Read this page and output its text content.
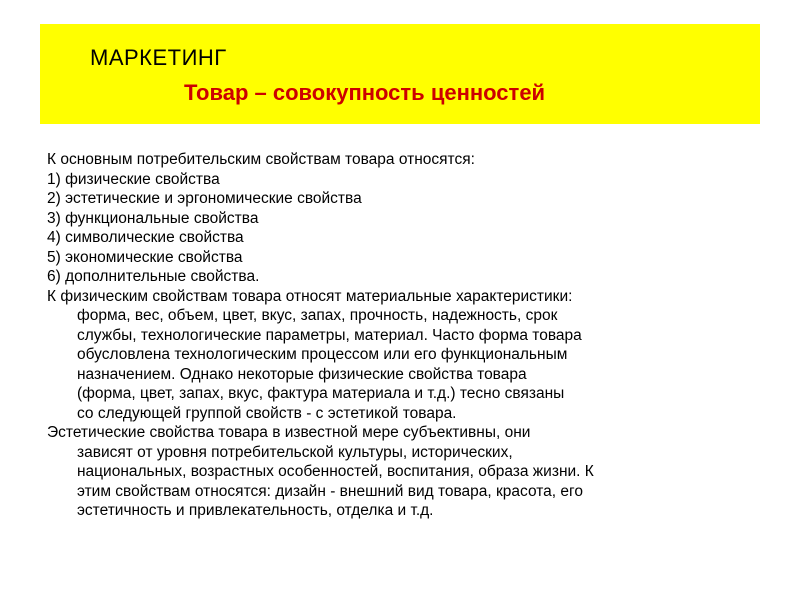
МАРКЕТИНГ
Товар – совокупность ценностей
К основным потребительским свойствам товара относятся:
1) физические свойства
2) эстетические и эргономические свойства
3) функциональные свойства
4) символические свойства
5) экономические свойства
6) дополнительные свойства.
К физическим свойствам товара относят материальные характеристики:
форма, вес, объем, цвет, вкус, запах, прочность, надежность, срок
службы, технологические параметры, материал. Часто форма товара
обусловлена технологическим процессом или его функциональным
назначением. Однако некоторые физические свойства товара
(форма, цвет, запах, вкус, фактура материала и т.д.) тесно связаны
со следующей группой свойств - с эстетикой товара.
Эстетические свойства товара в известной мере субъективны, они
зависят от уровня потребительской культуры, исторических,
национальных, возрастных особенностей, воспитания, образа жизни. К
этим свойствам относятся: дизайн - внешний вид товара, красота, его
эстетичность и привлекательность, отделка и т.д.
